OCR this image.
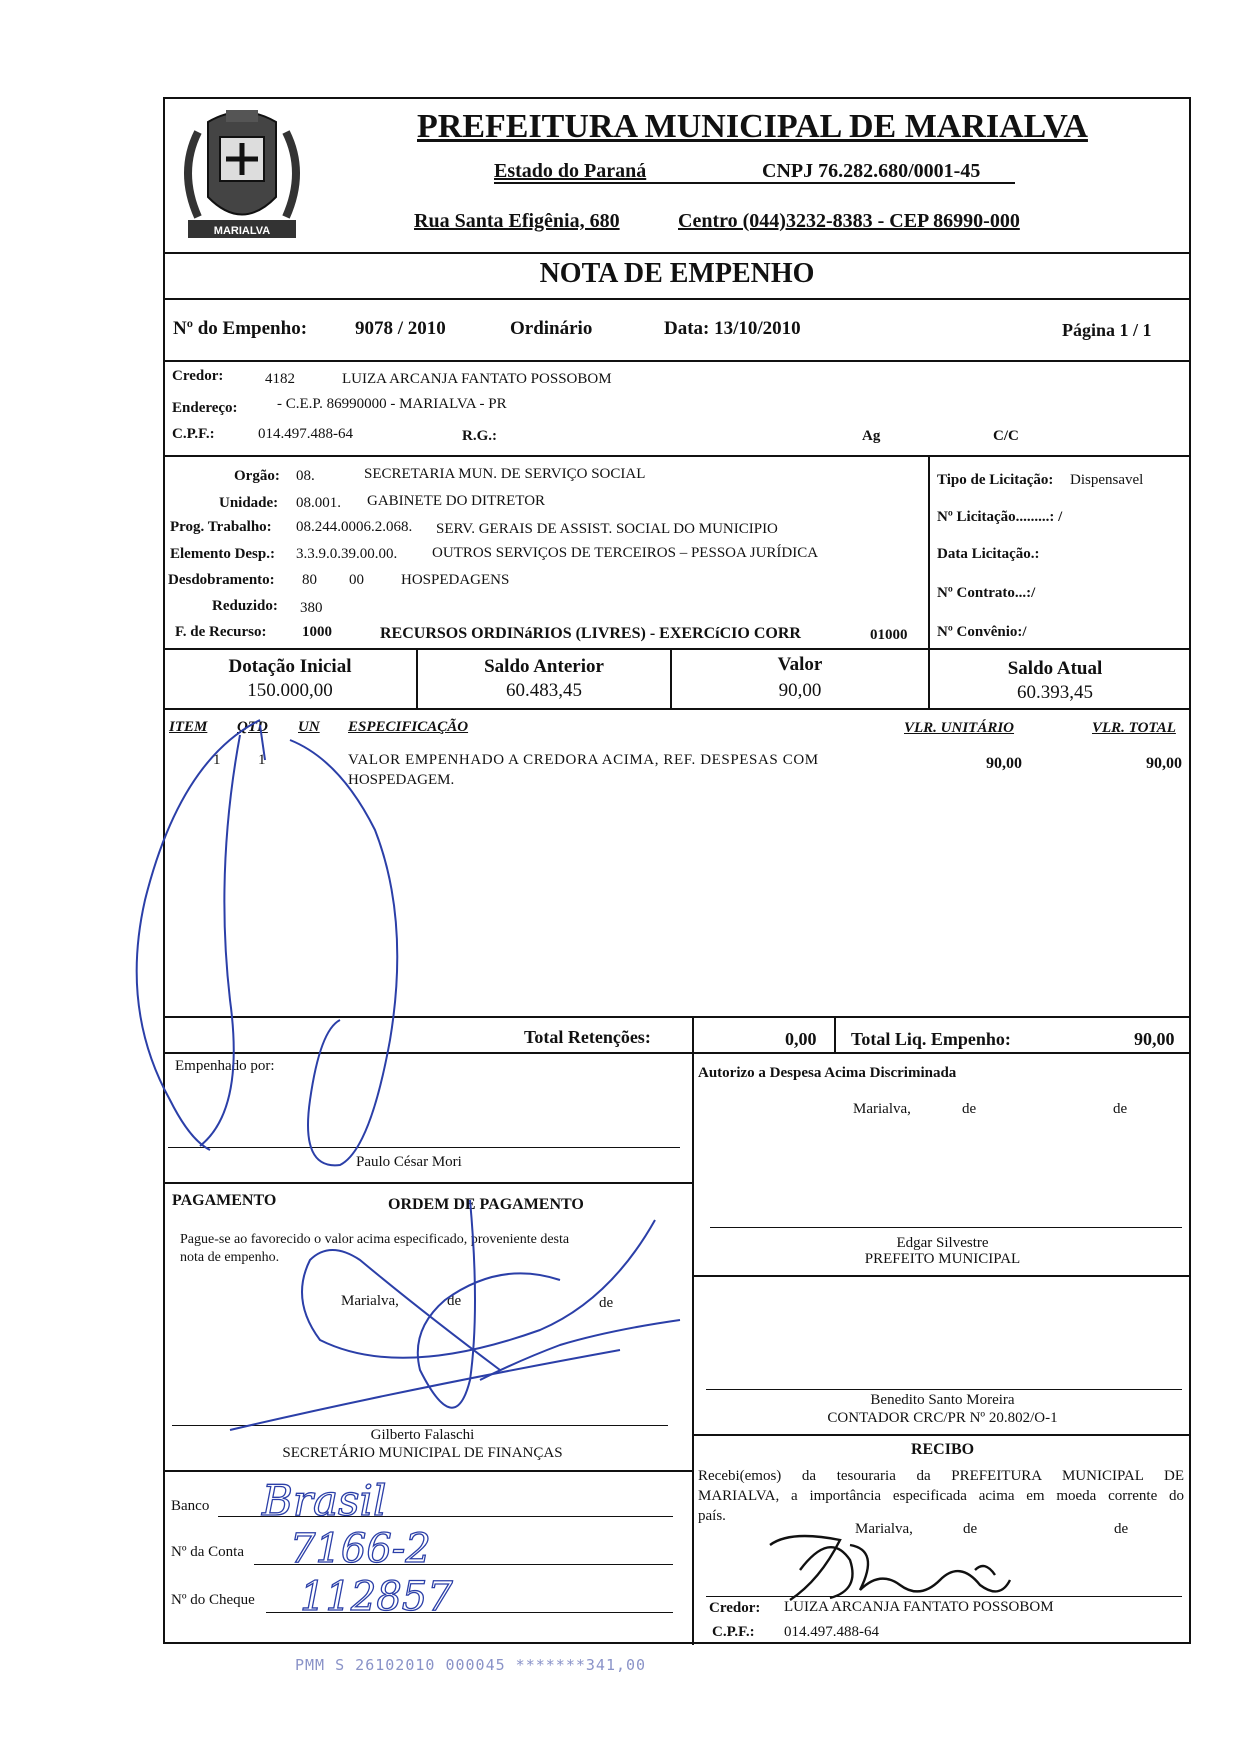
MARIALVA
PREFEITURA MUNICIPAL DE MARIALVA
Estado do Paraná	CNPJ 76.282.680/0001-45
Rua Santa Efigênia, 680	Centro (044)3232-8383 - CEP 86990-000
NOTA DE EMPENHO
Nº do Empenho:	9078 / 2010	Ordinário	Data: 13/10/2010	Página 1 / 1
Credor:	4182	LUIZA ARCANJA FANTATO POSSOBOM
Endereço:	- C.E.P. 86990000 - MARIALVA - PR
C.P.F.:	014.497.488-64	R.G.:	Ag	C/C
Orgão: 08.	SECRETARIA MUN. DE SERVIÇO SOCIAL
Unidade: 08.001. GABINETE DO DITRETOR
Prog. Trabalho: 08.244.0006.2.068. SERV. GERAIS DE ASSIST. SOCIAL DO MUNICIPIO
Elemento Desp.: 3.3.9.0.39.00.00. OUTROS SERVIÇOS DE TERCEIROS – PESSOA JURÍDICA
Desdobramento: 80 00 HOSPEDAGENS
Reduzido: 380
F. de Recurso: 1000	RECURSOS ORDINáRIOS (LIVRES) - EXERCíCIO CORR	01000
Tipo de Licitação: Dispensavel
Nº Licitação.........: /
Data Licitação.:
Nº Contrato...:/
Nº Convênio:/
Dotação Inicial
150.000,00
Saldo Anterior
60.483,45
Valor
90,00
Saldo Atual
60.393,45
ITEM QTD UN ESPECIFICAÇÃO	VLR. UNITÁRIO	VLR. TOTAL
1	1	VALOR EMPENHADO A CREDORA ACIMA, REF. DESPESAS COM
HOSPEDAGEM.
90,00	90,00
Total Retenções:	0,00 Total Liq. Empenho:	90,00
Empenhado por:
Paulo César Mori
Autorizo a Despesa Acima Discriminada
Marialva,	de	de
Edgar Silvestre
PREFEITO MUNICIPAL
Benedito Santo Moreira
CONTADOR CRC/PR Nº 20.802/O-1
PAGAMENTO	ORDEM DE PAGAMENTO
Pague-se ao favorecido o valor acima especificado, proveniente desta
nota de empenho.
Marialva,	de	de
Gilberto Falaschi
SECRETÁRIO MUNICIPAL DE FINANÇAS
Banco
Nº da Conta
Nº do Cheque
RECIBO
Recebi(emos) da tesouraria da PREFEITURA MUNICIPAL DE
MARIALVA, a importância especificada acima em moeda corrente do
país.
Marialva,	de	de
Credor: LUIZA ARCANJA FANTATO POSSOBOM
C.P.F.: 014.497.488-64
PMM S 26102010 000045 *******341,00
Brasil
7166-2
112857
